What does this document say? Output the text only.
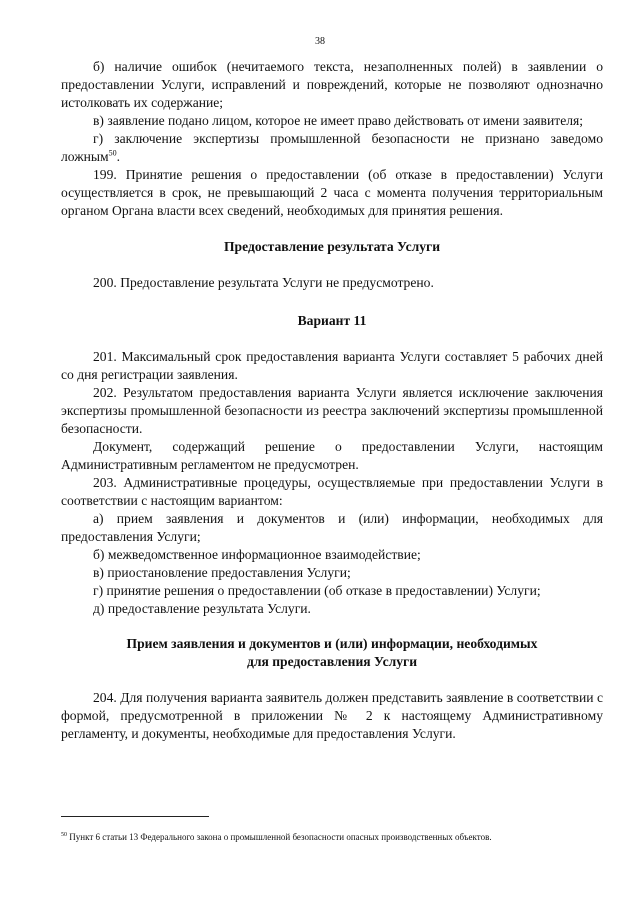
38

б) наличие ошибок (нечитаемого текста, незаполненных полей) в заявлении о предоставлении Услуги, исправлений и повреждений, которые не позволяют однозначно истолковать их содержание;

в) заявление подано лицом, которое не имеет право действовать от имени заявителя;

г) заключение экспертизы промышленной безопасности не признано заведомо ложным$^{50}$.

199. Принятие решения о предоставлении (об отказе в предоставлении) Услуги осуществляется в срок, не превышающий 2 часа с момента получения территориальным органом Органа власти всех сведений, необходимых для принятия решения.

Предоставление результата Услуги

200. Предоставление результата Услуги не предусмотрено.

Вариант 11

201. Максимальный срок предоставления варианта Услуги составляет 5 рабочих дней со дня регистрации заявления.

202. Результатом предоставления варианта Услуги является исключение заключения экспертизы промышленной безопасности из реестра заключений экспертизы промышленной безопасности.

Документ, содержащий решение о предоставлении Услуги, настоящим Административным регламентом не предусмотрен.

203. Административные процедуры, осуществляемые при предоставлении Услуги в соответствии с настоящим вариантом:

а) прием заявления и документов и (или) информации, необходимых для предоставления Услуги;

б) межведомственное информационное взаимодействие;

в) приостановление предоставления Услуги;

г) принятие решения о предоставлении (об отказе в предоставлении) Услуги;

д) предоставление результата Услуги.

Прием заявления и документов и (или) информации, необходимых

для предоставления Услуги

204. Для получения варианта заявитель должен представить заявление в соответствии с формой, предусмотренной в приложении № 2 к настоящему Административному регламенту, и документы, необходимые для предоставления Услуги.

$^{50}$ Пункт 6 статьи 13 Федерального закона о промышленной безопасности опасных производственных объектов.
